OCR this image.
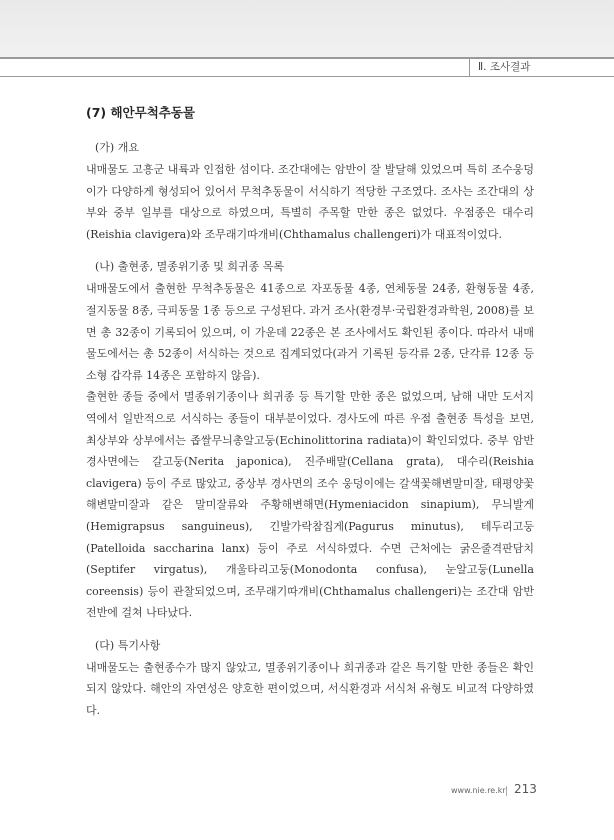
Ⅱ. 조사결과
(7) 해안무척추동물
(가) 개요

내매물도 고흥군 내륙과 인접한 섬이다. 조간대에는 암반이 잘 발달해 있었으며 특히 조수웅덩이가 다양하게 형성되어 있어서 무척추동물이 서식하기 적당한 구조였다. 조사는 조간대의 상부와 중부 일부를 대상으로 하였으며, 특별히 주목할 만한 종은 없었다. 우점종은 대수리(Reishia clavigera)와 조무래기따개비(Chthamalus challengeri)가 대표적이었다.

(나) 출현종, 멸종위기종 및 희귀종 목록

내매물도에서 출현한 무척추동물은 41종으로 자포동물 4종, 연체동물 24종, 환형동물 4종, 절지동물 8종, 극피동물 1종 등으로 구성된다. 과거 조사(환경부·국립환경과학원, 2008)를 보면 총 32종이 기록되어 있으며, 이 가운데 22종은 본 조사에서도 확인된 종이다. 따라서 내매물도에서는 총 52종이 서식하는 것으로 집계되었다(과거 기록된 등각류 2종, 단각류 12종 등 소형 갑각류 14종은 포함하지 않음).

출현한 종들 중에서 멸종위기종이나 희귀종 등 특기할 만한 종은 없었으며, 남해 내만 도서지역에서 일반적으로 서식하는 종들이 대부분이었다. 경사도에 따른 우점 출현종 특성을 보면, 최상부와 상부에서는 좁쌀무늬총알고둥(Echinolittorina radiata)이 확인되었다. 중부 암반 경사면에는 갈고둥(Nerita japonica), 진주배말(Cellana grata), 대수리(Reishia clavigera) 등이 주로 많았고, 중상부 경사면의 조수 웅덩이에는 갈색꽃해변말미잘, 태평양꽃해변말미잘과 같은 말미잘류와 주황해변해면(Hymeniacidon sinapium), 무늬발게(Hemigrapsus sanguineus), 긴발가락참집게(Pagurus minutus), 테두리고둥(Patelloida saccharina lanx) 등이 주로 서식하였다. 수면 근처에는 굵은줄격판담치(Septifer virgatus), 개울타리고둥(Monodonta confusa), 눈알고둥(Lunella coreensis) 등이 관찰되었으며, 조무래기따개비(Chthamalus challengeri)는 조간대 암반 전반에 걸쳐 나타났다.

(다) 특기사항

내매물도는 출현종수가 많지 않았고, 멸종위기종이나 희귀종과 같은 특기할 만한 종들은 확인되지 않았다. 해안의 자연성은 양호한 편이었으며, 서식환경과 서식처 유형도 비교적 다양하였다.

www.nie.re.kr 213
